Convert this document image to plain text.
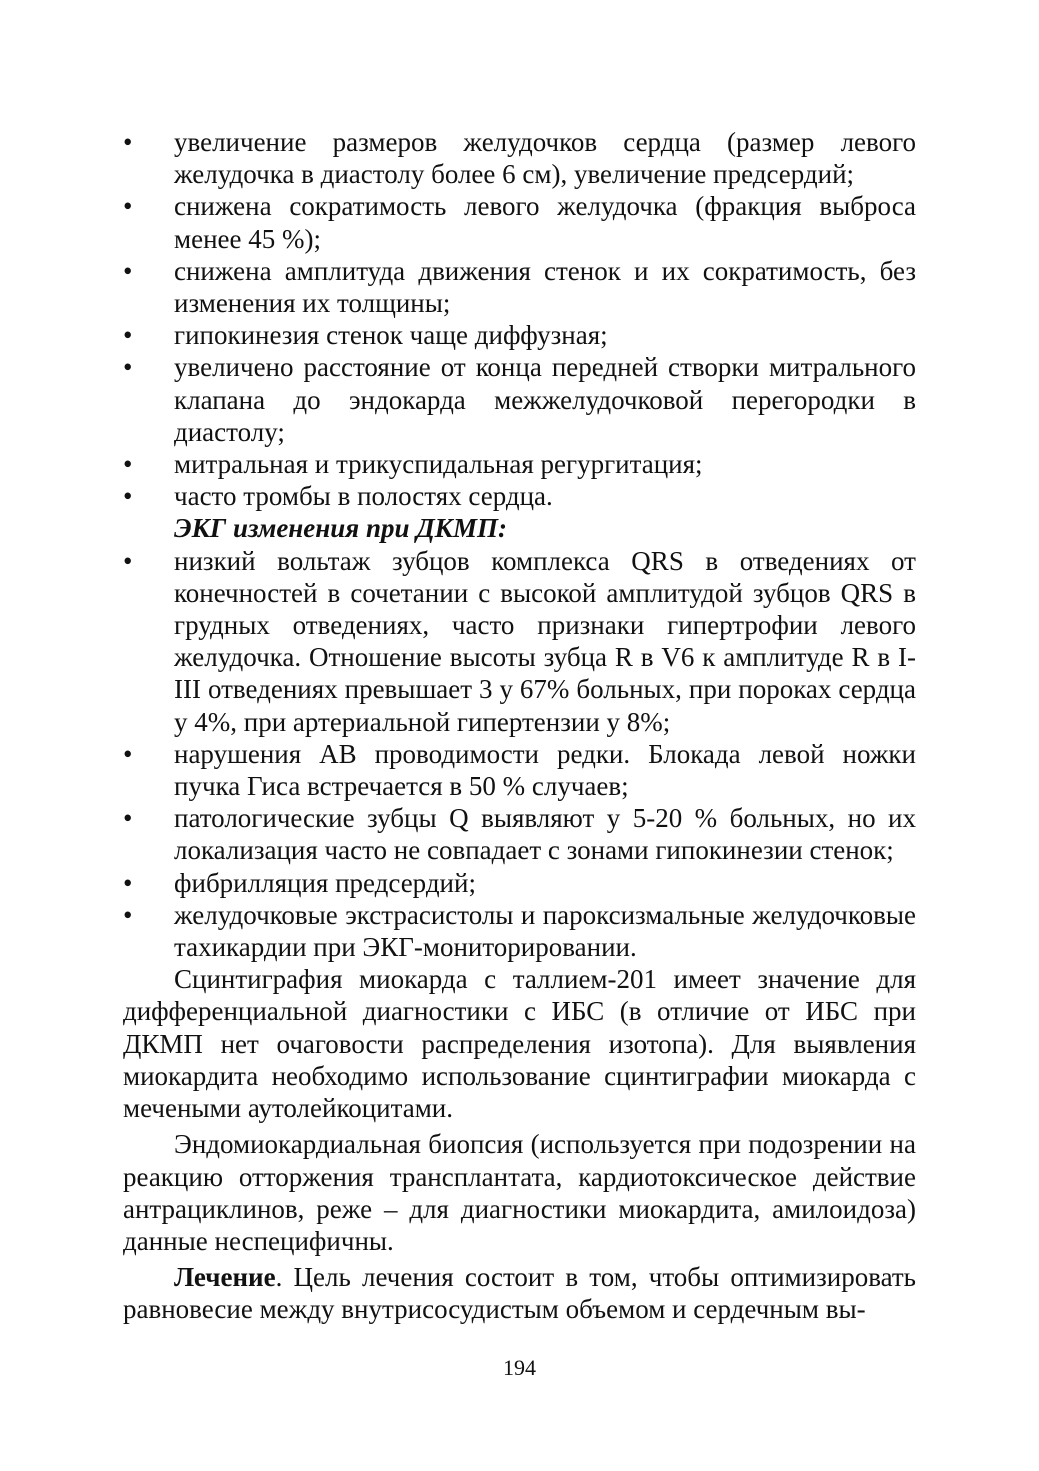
•	увеличение размеров желудочков сердца (размер левого желудочка в диастолу более 6 см), увеличение предсердий;
•	снижена сократимость левого желудочка (фракция выброса менее 45 %);
•	снижена амплитуда движения стенок и их сократимость, без изменения их толщины;
•	гипокинезия стенок чаще диффузная;
•	увеличено расстояние от конца передней створки митрального клапана до эндокарда межжелудочковой перегородки в диастолу;
•	митральная и трикуспидальная регургитация;
•	часто тромбы в полостях сердца.
ЭКГ изменения при ДКМП:
•	низкий вольтаж зубцов комплекса QRS в отведениях от конечностей в сочетании с высокой амплитудой зубцов QRS в грудных отведениях, часто признаки гипертрофии левого желудочка. Отношение высоты зубца R в V6 к амплитуде R в I-III отведениях превышает 3 у 67% больных, при пороках сердца у 4%, при артериальной гипертензии у 8%;
•	нарушения АВ проводимости редки. Блокада левой ножки пучка Гиса встречается в 50 % случаев;
•	патологические зубцы Q выявляют у 5-20 % больных, но их локализация часто не совпадает с зонами гипокинезии стенок;
•	фибрилляция предсердий;
•	желудочковые экстрасистолы и пароксизмальные желудочковые тахикардии при ЭКГ-мониторировании.

Сцинтиграфия миокарда с таллием-201 имеет значение для дифференциальной диагностики с ИБС (в отличие от ИБС при ДКМП нет очаговости распределения изотопа). Для выявления миокардита необходимо использование сцинтиграфии миокарда с мечеными аутолейкоцитами.

Эндомиокардиальная биопсия (используется при подозрении на реакцию отторжения трансплантата, кардиотоксическое действие антрациклинов, реже – для диагностики миокардита, амилоидоза) данные неспецифичны.

Лечение. Цель лечения состоит в том, чтобы оптимизировать равновесие между внутрисосудистым объемом и сердечным вы-

194
